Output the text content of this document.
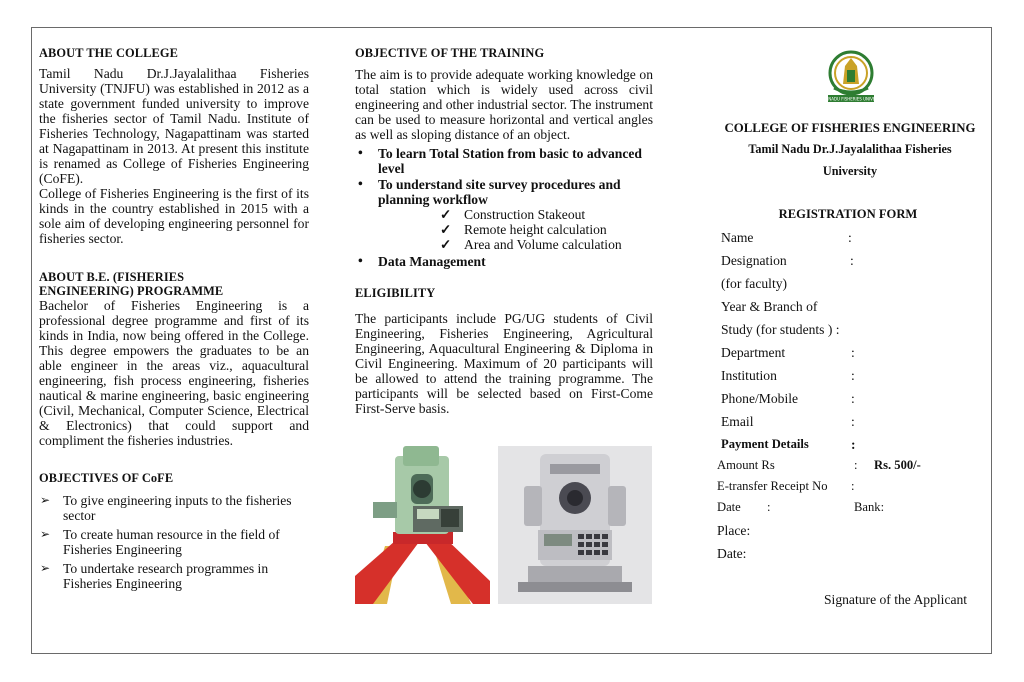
ABOUT THE COLLEGE

Tamil Nadu Dr.J.Jayalalithaa Fisheries University (TNJFU) was established in 2012 as a state government funded university to improve the fisheries sector of Tamil Nadu. Institute of Fisheries Technology, Nagapattinam was started at Nagapattinam in 2013. At present this institute is renamed as College of Fisheries Engineering (CoFE).

College of Fisheries Engineering is the first of its kinds in the country established in 2015 with a sole aim of developing engineering personnel for fisheries sector.

ABOUT B.E. (FISHERIES
ENGINEERING) PROGRAMME

Bachelor of Fisheries Engineering is a professional degree programme and first of its kinds in India, now being offered in the College. This degree empowers the graduates to be an able engineer in the areas viz., aquacultural engineering, fish process engineering, fisheries nautical & marine engineering, basic engineering (Civil, Mechanical, Computer Science, Electrical & Electronics) that could support and compliment the fisheries industries.

OBJECTIVES OF CoFE
➢ To give engineering inputs to the fisheries sector
➢ To create human resource in the field of Fisheries Engineering
➢ To undertake research programmes in Fisheries Engineering
OBJECTIVE OF THE TRAINING

The aim is to provide adequate working knowledge on total station which is widely used across civil engineering and other industrial sector. The instrument can be used to measure horizontal and vertical angles as well as sloping distance of an object.

• To learn Total Station from basic to advanced level
• To understand site survey procedures and planning workflow
✓ Construction Stakeout
✓ Remote height calculation
✓ Area and Volume calculation
• Data Management
ELIGIBILITY

The participants include PG/UG students of Civil Engineering, Fisheries Engineering, Agricultural Engineering, Aquacultural Engineering & Diploma in Civil Engineering. Maximum of 20 participants will be allowed to attend the training programme. The participants will be selected based on First-Come First-Serve basis.

TAMIL NADU FISHERIES UNIVERSITY
COLLEGE OF FISHERIES ENGINEERING
Tamil Nadu Dr.J.Jayalalithaa Fisheries
University
REGISTRATION FORM
Name	:
Designation	:
(for faculty)
Year & Branch of
Study (for students ) :
Department	:
Institution	:
Phone/Mobile	:
Email	:
Payment Details	:
Amount Rs	: Rs. 500/-
E-transfer Receipt No :
Date :	Bank:
Place:
Date:
Signature of the Applicant
